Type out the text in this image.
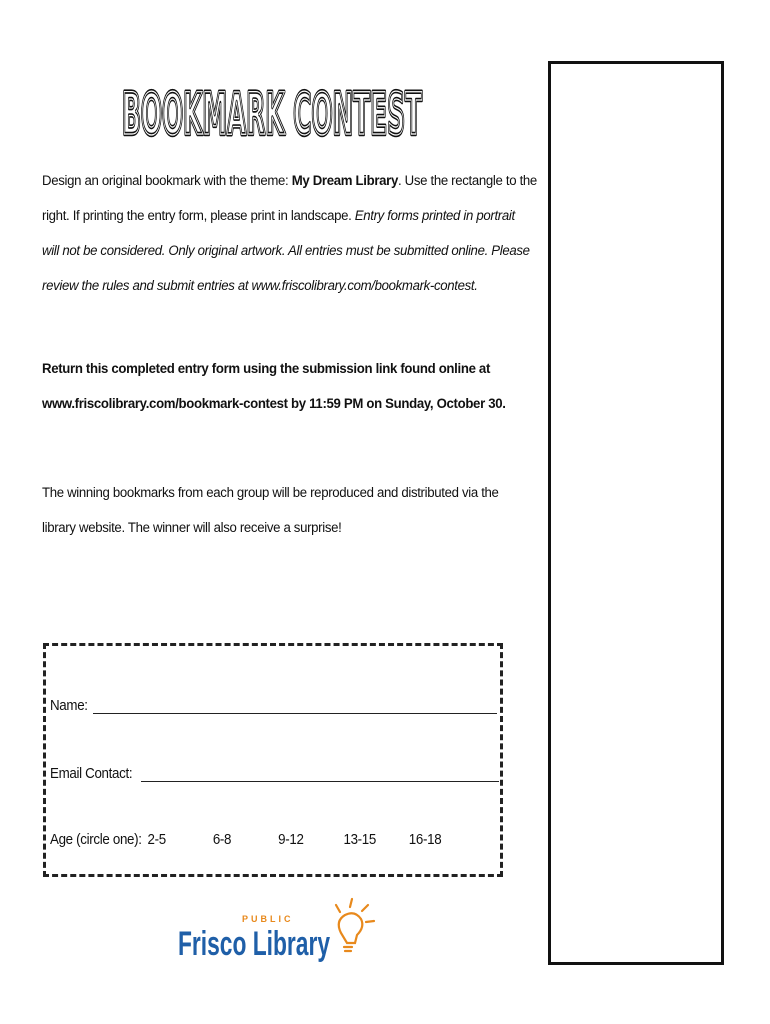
BOOKMARK CONTEST
BOOKMARK CONTEST
Design an original bookmark with the theme: My Dream Library. Use the rectangle to the
right. If printing the entry form, please print in landscape. Entry forms printed in portrait
will not be considered. Only original artwork. All entries must be submitted online. Please
review the rules and submit entries at www.friscolibrary.com/bookmark-contest.
Return this completed entry form using the submission link found online at
www.friscolibrary.com/bookmark-contest by 11:59 PM on Sunday, October 30.
The winning bookmarks from each group will be reproduced and distributed via the
library website. The winner will also receive a surprise!
Name:
Email Contact:
Age (circle one): 2-5	6-8	9-12	13-15 16-18
PUBLIC
Frisco Library
